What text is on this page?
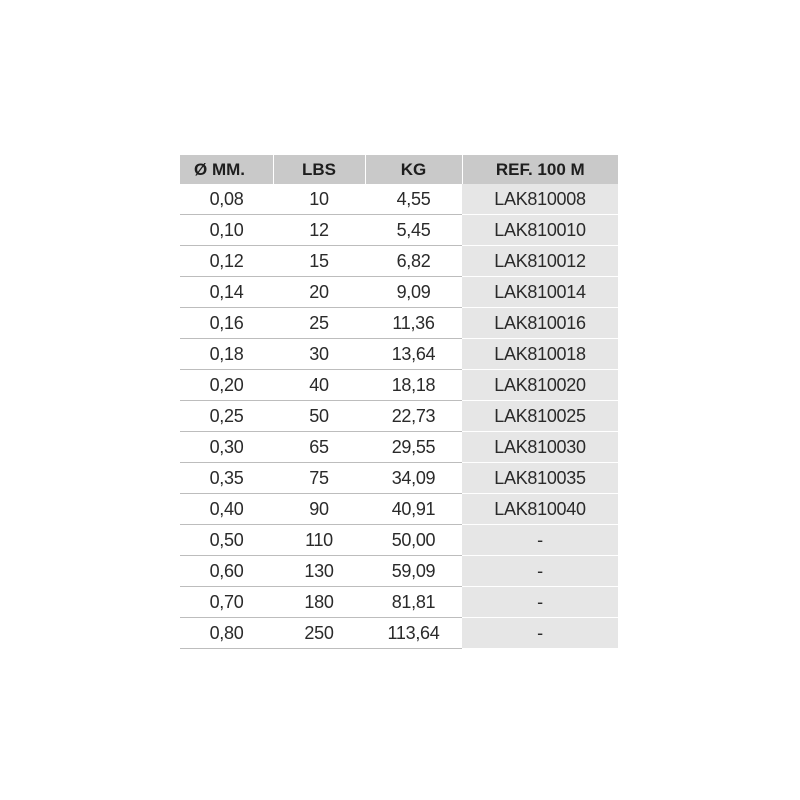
Ø MM.	LBS	KG	REF. 100 M
0,08	10	4,55	LAK810008
0,10	12	5,45	LAK810010
0,12	15	6,82	LAK810012
0,14	20	9,09	LAK810014
0,16	25	11,36	LAK810016
0,18	30	13,64	LAK810018
0,20	40	18,18	LAK810020
0,25	50	22,73	LAK810025
0,30	65	29,55	LAK810030
0,35	75	34,09	LAK810035
0,40	90	40,91	LAK810040
0,50	110	50,00	-
0,60	130	59,09	-
0,70	180	81,81	-
0,80	250	113,64	-
